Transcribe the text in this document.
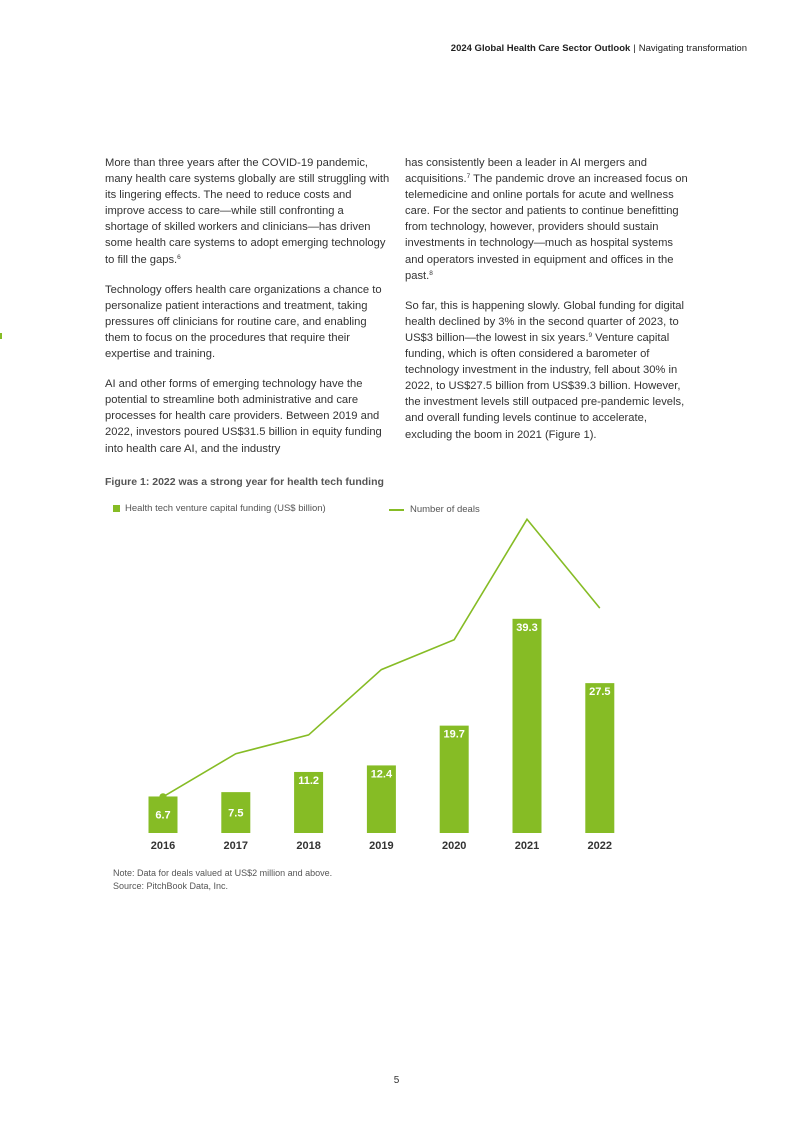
2024 Global Health Care Sector Outlook | Navigating transformation

More than three years after the COVID-19 pandemic, many health care systems globally are still struggling with its lingering effects. The need to reduce costs and improve access to care—while still confronting a shortage of skilled workers and clinicians—has driven some health care systems to adopt emerging technology to fill the gaps.$^6$

Technology offers health care organizations a chance to personalize patient interactions and treatment, taking pressures off clinicians for routine care, and enabling them to focus on the procedures that require their expertise and training.

AI and other forms of emerging technology have the potential to streamline both administrative and care processes for health care providers. Between 2019 and 2022, investors poured US$31.5 billion in equity funding into health care AI, and the industry

has consistently been a leader in AI mergers and acquisitions.$^7$ The pandemic drove an increased focus on telemedicine and online portals for acute and wellness care. For the sector and patients to continue benefitting from technology, however, providers should sustain investments in technology—much as hospital systems and operators invested in equipment and offices in the past.$^8$

So far, this is happening slowly. Global funding for digital health declined by 3% in the second quarter of 2023, to US$3 billion—the lowest in six years.$^9$ Venture capital funding, which is often considered a barometer of technology investment in the industry, fell about 30% in 2022, to US$27.5 billion from US$39.3 billion. However, the investment levels still outpaced pre-pandemic levels, and overall funding levels continue to accelerate, excluding the boom in 2021 (Figure 1).

Figure 1: 2022 was a strong year for health tech funding
Health tech venture capital funding (US$ billion)	Number of deals
6.7
2016
7.5
2017
11.2
2018
12.4
2019
19.7
2020
39.3
2021
27.5
2022
Note: Data for deals valued at US$2 million and above.
Source: PitchBook Data, Inc.
5
